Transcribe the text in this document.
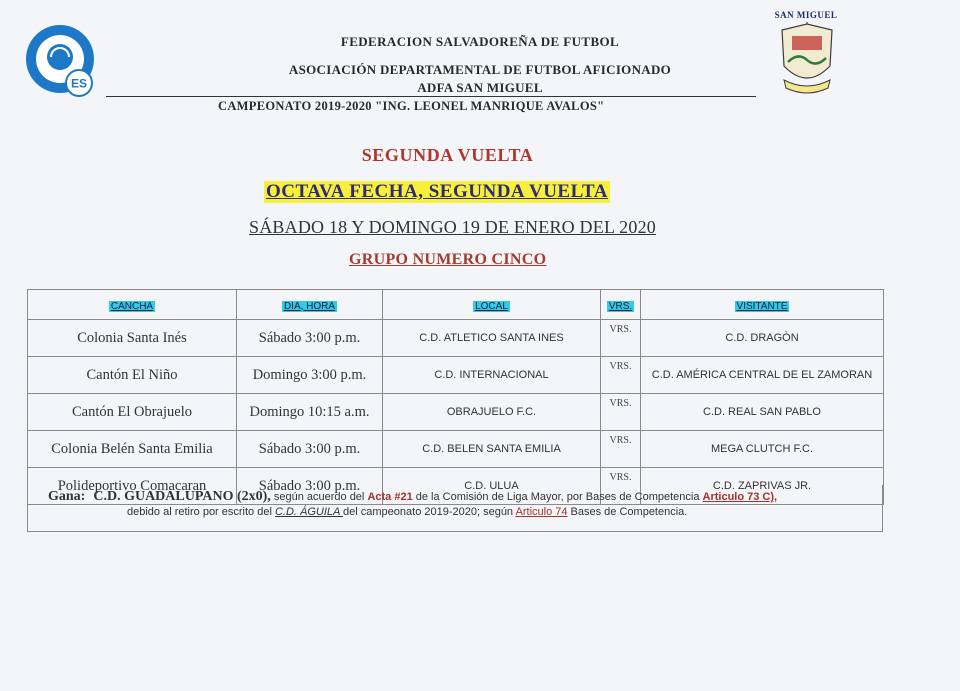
ES
SAN MIGUEL
FEDERACION SALVADOREÑA DE FUTBOL
ASOCIACIÓN DEPARTAMENTAL DE FUTBOL AFICIONADO
ADFA SAN MIGUEL
CAMPEONATO 2019-2020 "ING. LEONEL MANRIQUE AVALOS"
SEGUNDA VUELTA
OCTAVA FECHA, SEGUNDA VUELTA
SÁBADO 18 Y DOMINGO 19 DE ENERO DEL 2020
GRUPO NUMERO CINCO
CANCHA	DIA, HORA	LOCAL	VRS.	VISITANTE
Colonia Santa Inés	Sábado 3:00 p.m.	C.D. ATLETICO SANTA INES	VRS.	C.D. DRAGÒN
Cantón El Niño	Domingo 3:00 p.m.	C.D. INTERNACIONAL	VRS.	C.D. AMÉRICA CENTRAL DE EL ZAMORAN
Cantón El Obrajuelo	Domingo 10:15 a.m.	OBRAJUELO F.C.	VRS.	C.D. REAL SAN PABLO
Colonia Belén Santa Emilia	Sábado 3:00 p.m.	C.D. BELEN SANTA EMILIA	VRS.	MEGA CLUTCH F.C.
Polideportivo Comacaran	Sábado 3:00 p.m.	C.D. ULUA	VRS.	C.D. ZAPRIVAS JR.
Gana: C.D. GUADALUPANO (2x0), según acuerdo del Acta #21 de la Comisión de Liga Mayor, por Bases de Competencia Articulo 73 C),
debido al retiro por escrito del C.D. ÁGUILA del campeonato 2019-2020; según Articulo 74 Bases de Competencia.
